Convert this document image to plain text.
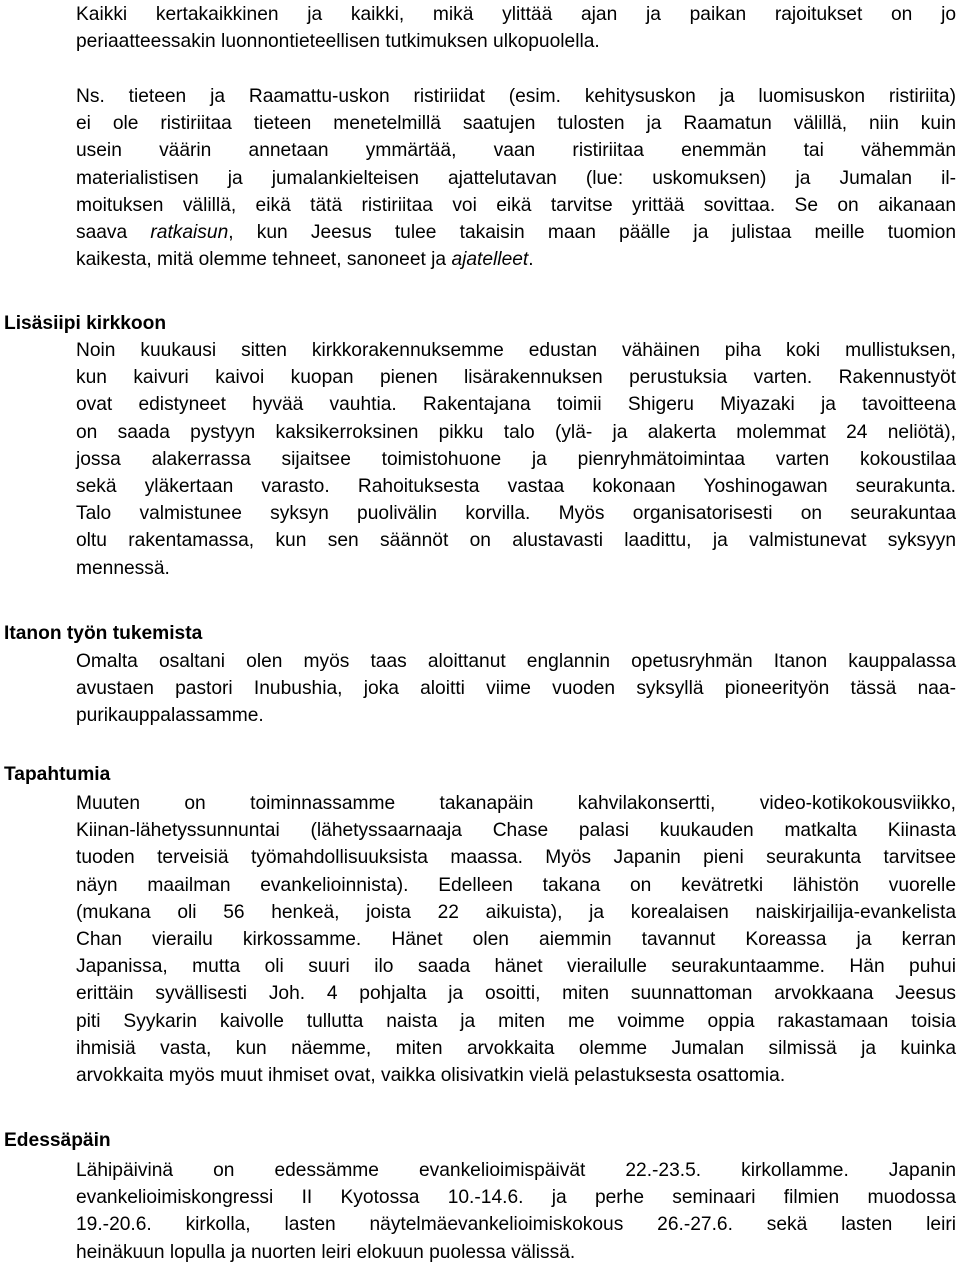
Kaikki kertakaikkinen ja kaikki, mikä ylittää ajan ja paikan rajoitukset on jo
periaatteessakin luonnontieteellisen tutkimuksen ulkopuolella.
Ns. tieteen ja Raamattu-uskon ristiriidat (esim. kehitysuskon ja luomisuskon ristiriita)
ei ole ristiriitaa tieteen menetelmillä saatujen tulosten ja Raamatun välillä, niin kuin
usein väärin annetaan ymmärtää, vaan ristiriitaa enemmän tai vähemmän
materialistisen ja jumalankielteisen ajattelutavan (lue: uskomuksen) ja Jumalan il-
moituksen välillä, eikä tätä ristiriitaa voi eikä tarvitse yrittää sovittaa. Se on aikanaan
saava ratkaisun, kun Jeesus tulee takaisin maan päälle ja julistaa meille tuomion
kaikesta, mitä olemme tehneet, sanoneet ja ajatelleet.
Lisäsiipi kirkkoon
Noin kuukausi sitten kirkkorakennuksemme edustan vähäinen piha koki mullistuksen,
kun kaivuri kaivoi kuopan pienen lisärakennuksen perustuksia varten. Rakennustyöt
ovat edistyneet hyvää vauhtia. Rakentajana toimii Shigeru Miyazaki ja tavoitteena
on saada pystyyn kaksikerroksinen pikku talo (ylä- ja alakerta molemmat 24 neliötä),
jossa alakerrassa sijaitsee toimistohuone ja pienryhmätoimintaa varten kokoustilaa
sekä yläkertaan varasto. Rahoituksesta vastaa kokonaan Yoshinogawan seurakunta.
Talo valmistunee syksyn puolivälin korvilla. Myös organisatorisesti on seurakuntaa
oltu rakentamassa, kun sen säännöt on alustavasti laadittu, ja valmistunevat syksyyn
mennessä.
Itanon työn tukemista
Omalta osaltani olen myös taas aloittanut englannin opetusryhmän Itanon kauppalassa
avustaen pastori Inubushia, joka aloitti viime vuoden syksyllä pioneerityön tässä naa-
purikauppalassamme.
Tapahtumia
Muuten on toiminnassamme takanapäin kahvilakonsertti, video-kotikokousviikko,
Kiinan-lähetyssunnuntai (lähetyssaarnaaja Chase palasi kuukauden matkalta Kiinasta
tuoden terveisiä työmahdollisuuksista maassa. Myös Japanin pieni seurakunta tarvitsee
näyn maailman evankelioinnista). Edelleen takana on kevätretki lähistön vuorelle
(mukana oli 56 henkeä, joista 22 aikuista), ja korealaisen naiskirjailija-evankelista
Chan vierailu kirkossamme. Hänet olen aiemmin tavannut Koreassa ja kerran
Japanissa, mutta oli suuri ilo saada hänet vierailulle seurakuntaamme. Hän puhui
erittäin syvällisesti Joh. 4 pohjalta ja osoitti, miten suunnattoman arvokkaana Jeesus
piti Syykarin kaivolle tullutta naista ja miten me voimme oppia rakastamaan toisia
ihmisiä vasta, kun näemme, miten arvokkaita olemme Jumalan silmissä ja kuinka
arvokkaita myös muut ihmiset ovat, vaikka olisivatkin vielä pelastuksesta osattomia.
Edessäpäin
Lähipäivinä on edessämme evankelioimispäivät 22.-23.5. kirkollamme. Japanin
evankelioimiskongressi II Kyotossa 10.-14.6. ja perhe seminaari filmien muodossa
19.-20.6. kirkolla, lasten näytelmäevankelioimiskokous 26.-27.6. sekä lasten leiri
heinäkuun lopulla ja nuorten leiri elokuun puolessa välissä.
